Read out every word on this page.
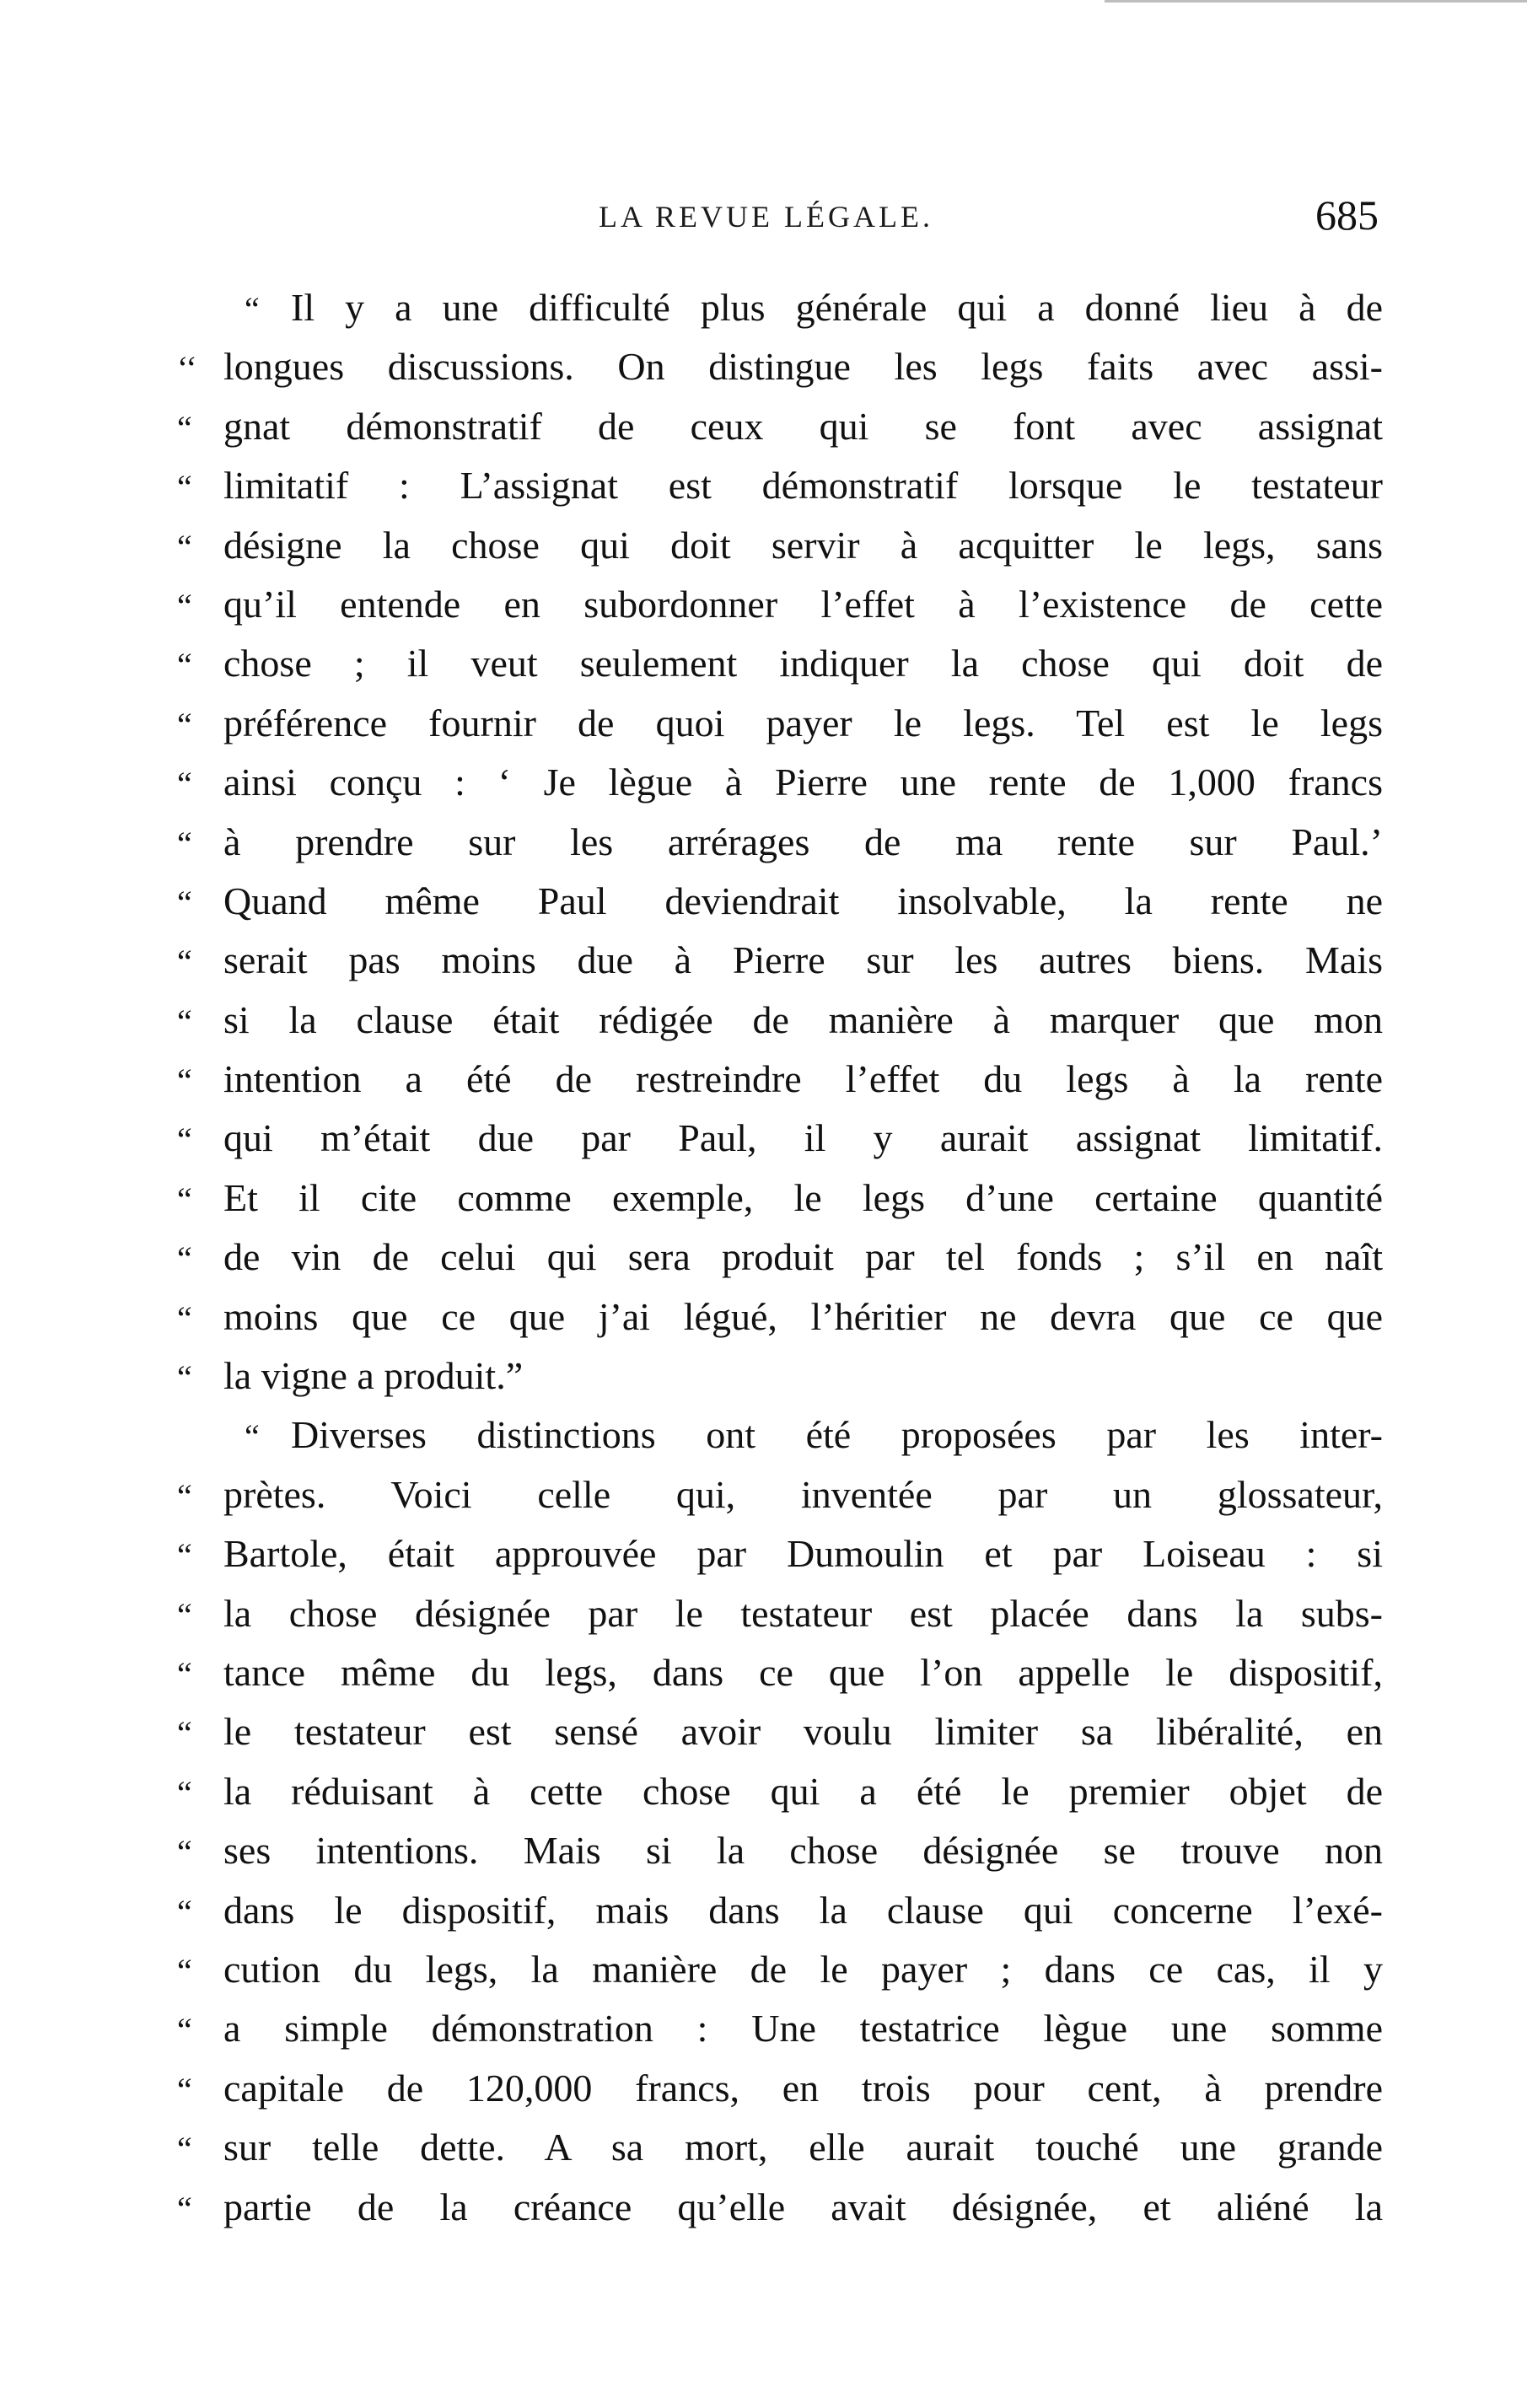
LA REVUE LÉGALE.	685
“ Il y a une difficulté plus générale qui a donné lieu à de
‘‘ longues discussions. On distingue les legs faits avec assi-
“ gnat démonstratif de ceux qui se font avec assignat
“ limitatif : L’assignat est démonstratif lorsque le testateur
“ désigne la chose qui doit servir à acquitter le legs, sans
“ qu’il entende en subordonner l’effet à l’existence de cette
“ chose ; il veut seulement indiquer la chose qui doit de
“ préférence fournir de quoi payer le legs. Tel est le legs
“ ainsi conçu : ‘ Je lègue à Pierre une rente de 1,000 francs
“ à prendre sur les arrérages de ma rente sur Paul.’
“ Quand même Paul deviendrait insolvable, la rente ne
“ serait pas moins due à Pierre sur les autres biens. Mais
“ si la clause était rédigée de manière à marquer que mon
“ intention a été de restreindre l’effet du legs à la rente
“ qui m’était due par Paul, il y aurait assignat limitatif.
“ Et il cite comme exemple, le legs d’une certaine quantité
“ de vin de celui qui sera produit par tel fonds ; s’il en naît
“ moins que ce que j’ai légué, l’héritier ne devra que ce que
“ la vigne a produit.”
“ Diverses distinctions ont été proposées par les inter-
“ prètes. Voici celle qui, inventée par un glossateur,
“ Bartole, était approuvée par Dumoulin et par Loiseau : si
“ la chose désignée par le testateur est placée dans la subs-
“ tance même du legs, dans ce que l’on appelle le dispositif,
“ le testateur est sensé avoir voulu limiter sa libéralité, en
“ la réduisant à cette chose qui a été le premier objet de
“ ses intentions. Mais si la chose désignée se trouve non
“ dans le dispositif, mais dans la clause qui concerne l’exé-
“ cution du legs, la manière de le payer ; dans ce cas, il y
“ a simple démonstration : Une testatrice lègue une somme
“ capitale de 120,000 francs, en trois pour cent, à prendre
“ sur telle dette. A sa mort, elle aurait touché une grande
“ partie de la créance qu’elle avait désignée, et aliéné la
